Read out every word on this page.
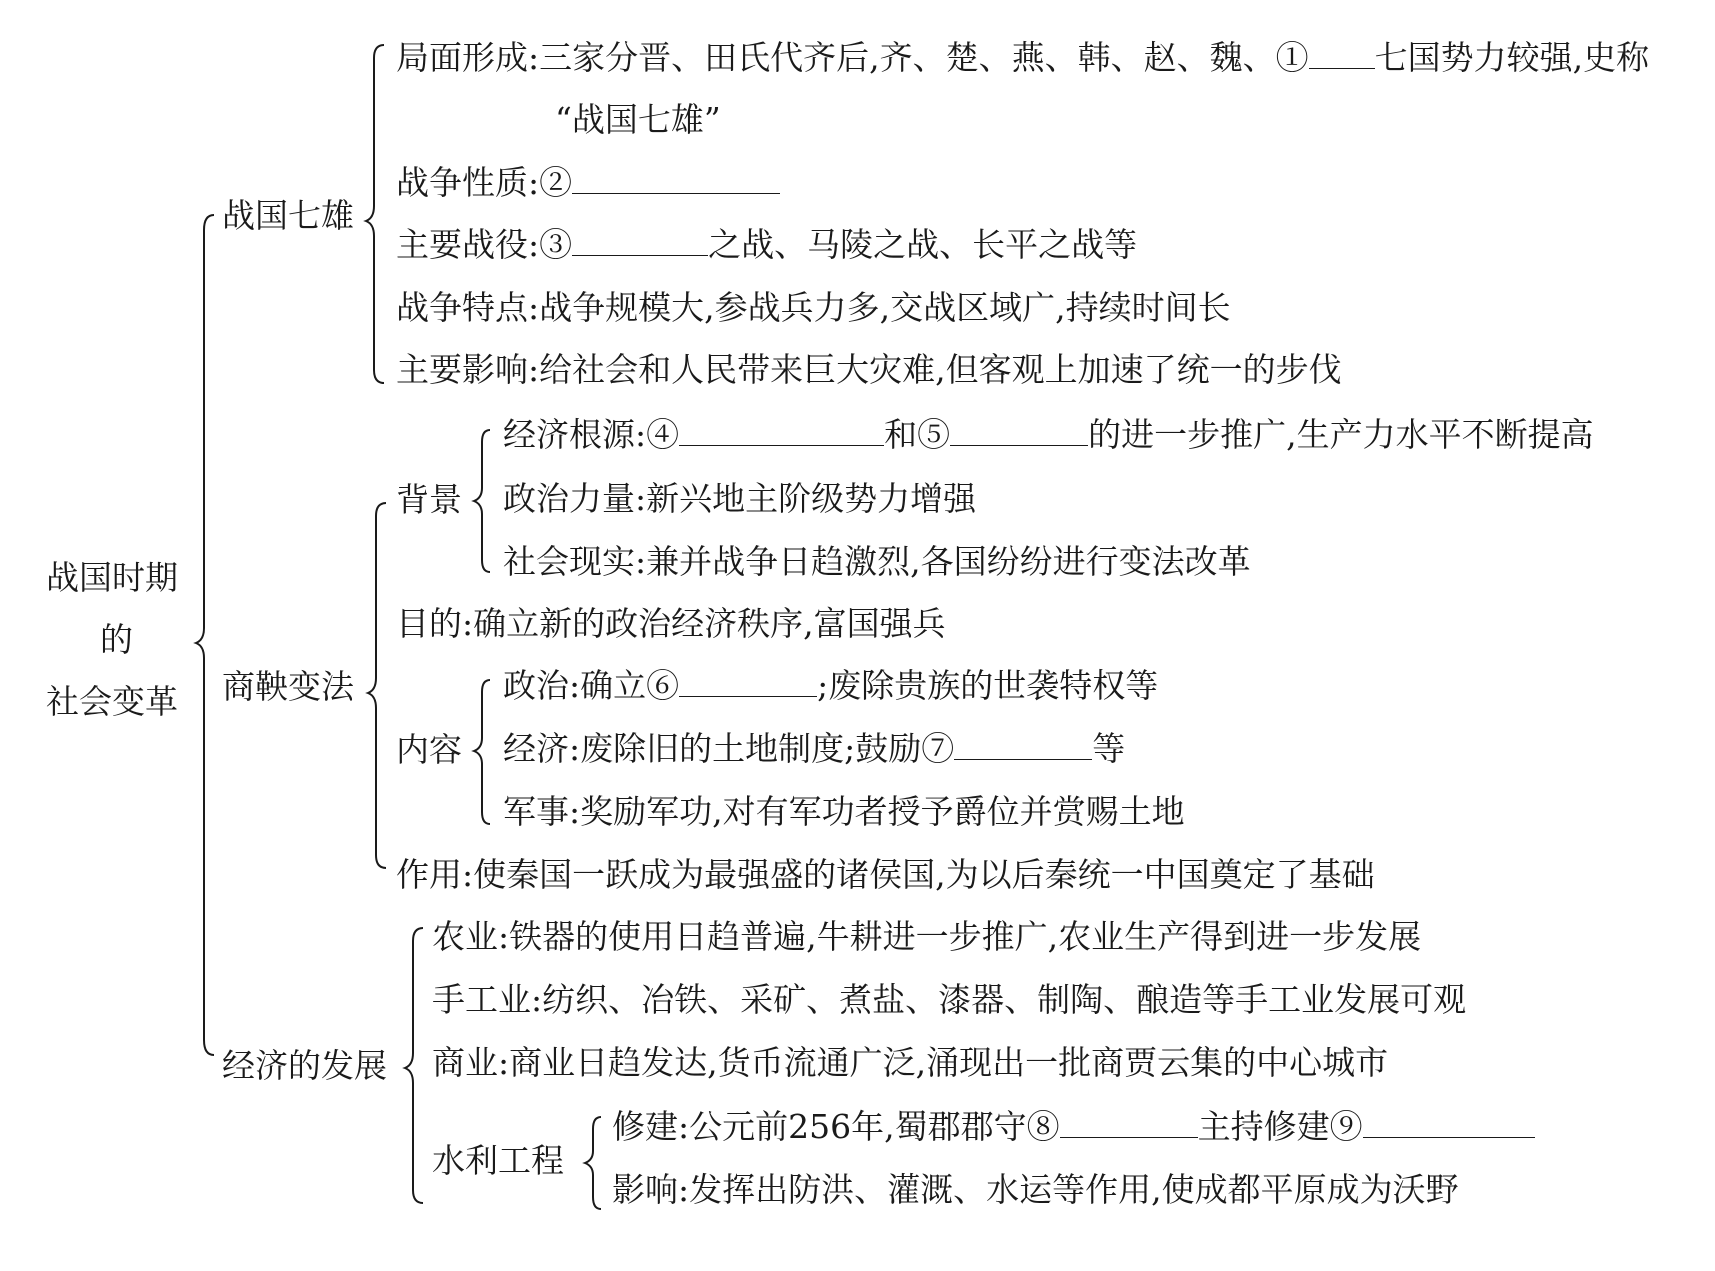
战国时期
的
社会变革
战国七雄
局面形成:三家分晋、田氏代齐后,齐、楚、燕、韩、赵、魏、① 七国势力较强,史称
“战国七雄”
战争性质:②
主要战役:③	之战、马陵之战、长平之战等
战争特点:战争规模大,参战兵力多,交战区域广,持续时间长
主要影响:给社会和人民带来巨大灾难,但客观上加速了统一的步伐
商鞅变法
背景
经济根源:④	和⑤	的进一步推广,生产力水平不断提高
政治力量:新兴地主阶级势力增强
社会现实:兼并战争日趋激烈,各国纷纷进行变法改革
目的:确立新的政治经济秩序,富国强兵
内容
政治:确立⑥	;废除贵族的世袭特权等
经济:废除旧的土地制度;鼓励⑦	等
军事:奖励军功,对有军功者授予爵位并赏赐土地
作用:使秦国一跃成为最强盛的诸侯国,为以后秦统一中国奠定了基础
经济的发展
农业:铁器的使用日趋普遍,牛耕进一步推广,农业生产得到进一步发展
手工业:纺织、冶铁、采矿、煮盐、漆器、制陶、酿造等手工业发展可观
商业:商业日趋发达,货币流通广泛,涌现出一批商贾云集的中心城市
水利工程
修建:公元前256年,蜀郡郡守⑧	主持修建⑨
影响:发挥出防洪、灌溉、水运等作用,使成都平原成为沃野
